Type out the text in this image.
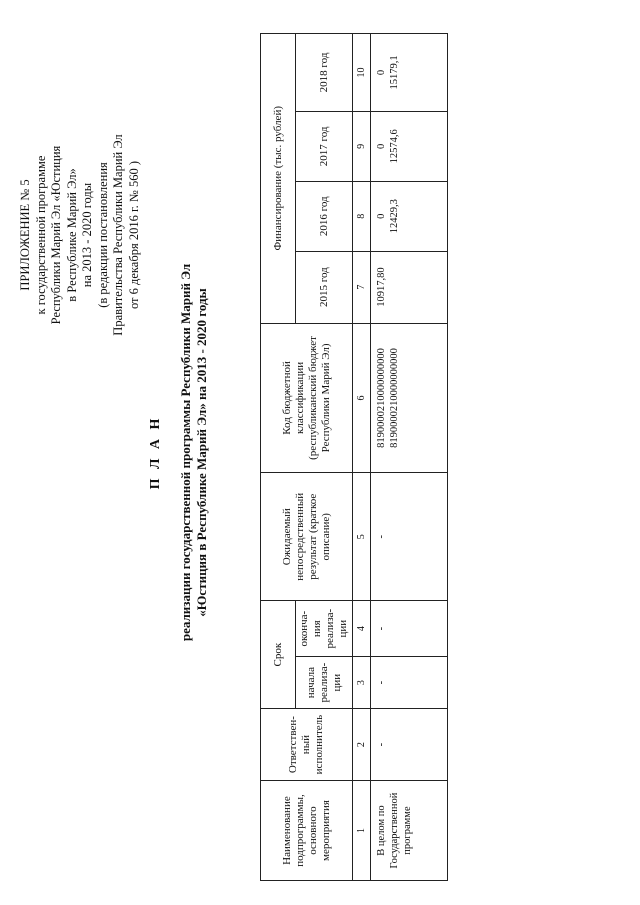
ПРИЛОЖЕНИЕ № 5 к государственной программе Республики Марий Эл «Юстиция в Республике Марий Эл» на 2013 - 2020 годы (в редакции постановления Правительства Республики Марий Эл от 6 декабря 2016 г. № 560 )
П Л А Н реализации государственной программы Республики Марий Эл «Юстиция в Республике Марий Эл» на 2013 - 2020 годы
Наименование подпрограммы, основного мероприятия	Ответствен-ный исполнитель	Срок		Ожидаемый непосредственный результат (краткое описание)	Код бюджетной классификации (республиканский бюджет Республики Марий Эл)	Финансирование (тыс. рублей)			
		начала реализа-ции	оконча-ния реализа-ции			2015 год	2016 год	2017 год	2018 год
1	2	3	4	5	6	7	8	9	10
В целом по Государственной программе	-	-	-	-	8190000210000000000 8190000210000000000	10917,80	0 12429,3	0 12574,6	0 15179,1
